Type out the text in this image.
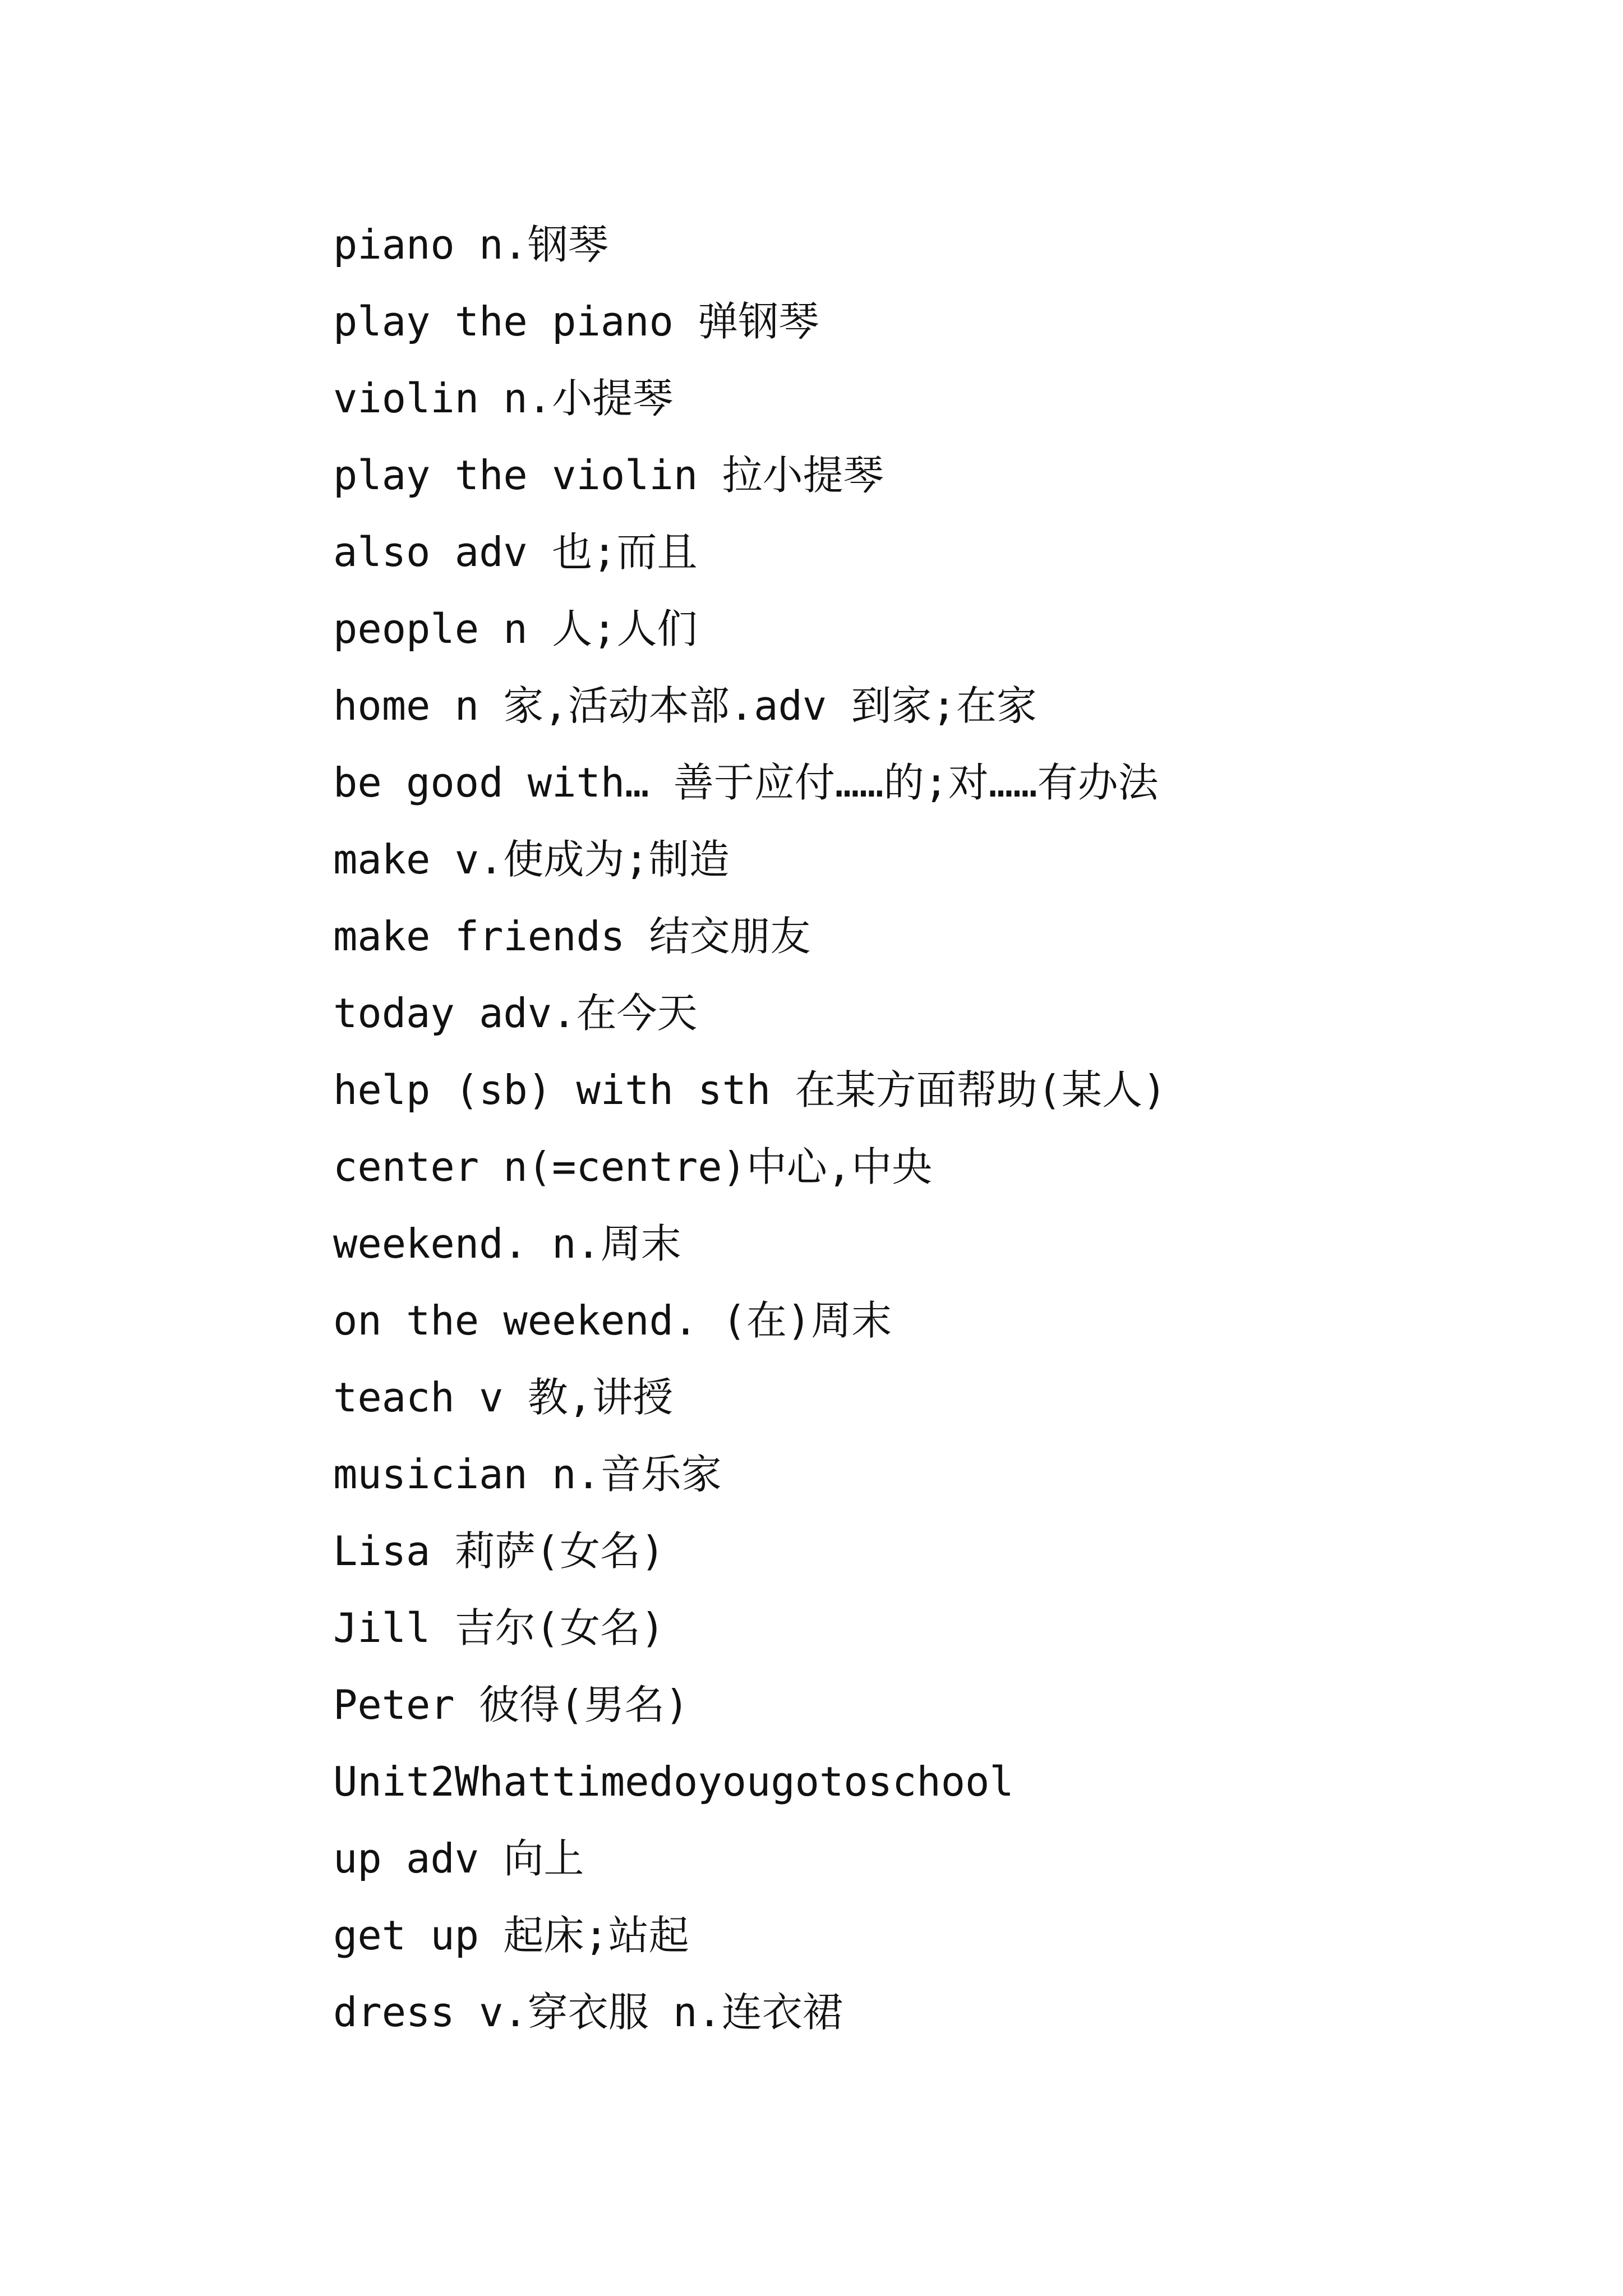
piano n.钢琴
play the piano 弹钢琴
violin n.小提琴
play the violin 拉小提琴
also adv 也;而且
people n 人;人们
home n 家,活动本部.adv 到家;在家
be good with… 善于应付……的;对……有办法
make v.使成为;制造
make friends 结交朋友
today adv.在今天
help (sb) with sth 在某方面帮助(某人)
center n(=centre)中心,中央
weekend. n.周末
on the weekend. (在)周末
teach v 教,讲授
musician n.音乐家
Lisa 莉萨(女名)
Jill 吉尔(女名)
Peter 彼得(男名)
Unit2Whattimedoyougotoschool
up adv 向上
get up 起床;站起
dress v.穿衣服 n.连衣裙
